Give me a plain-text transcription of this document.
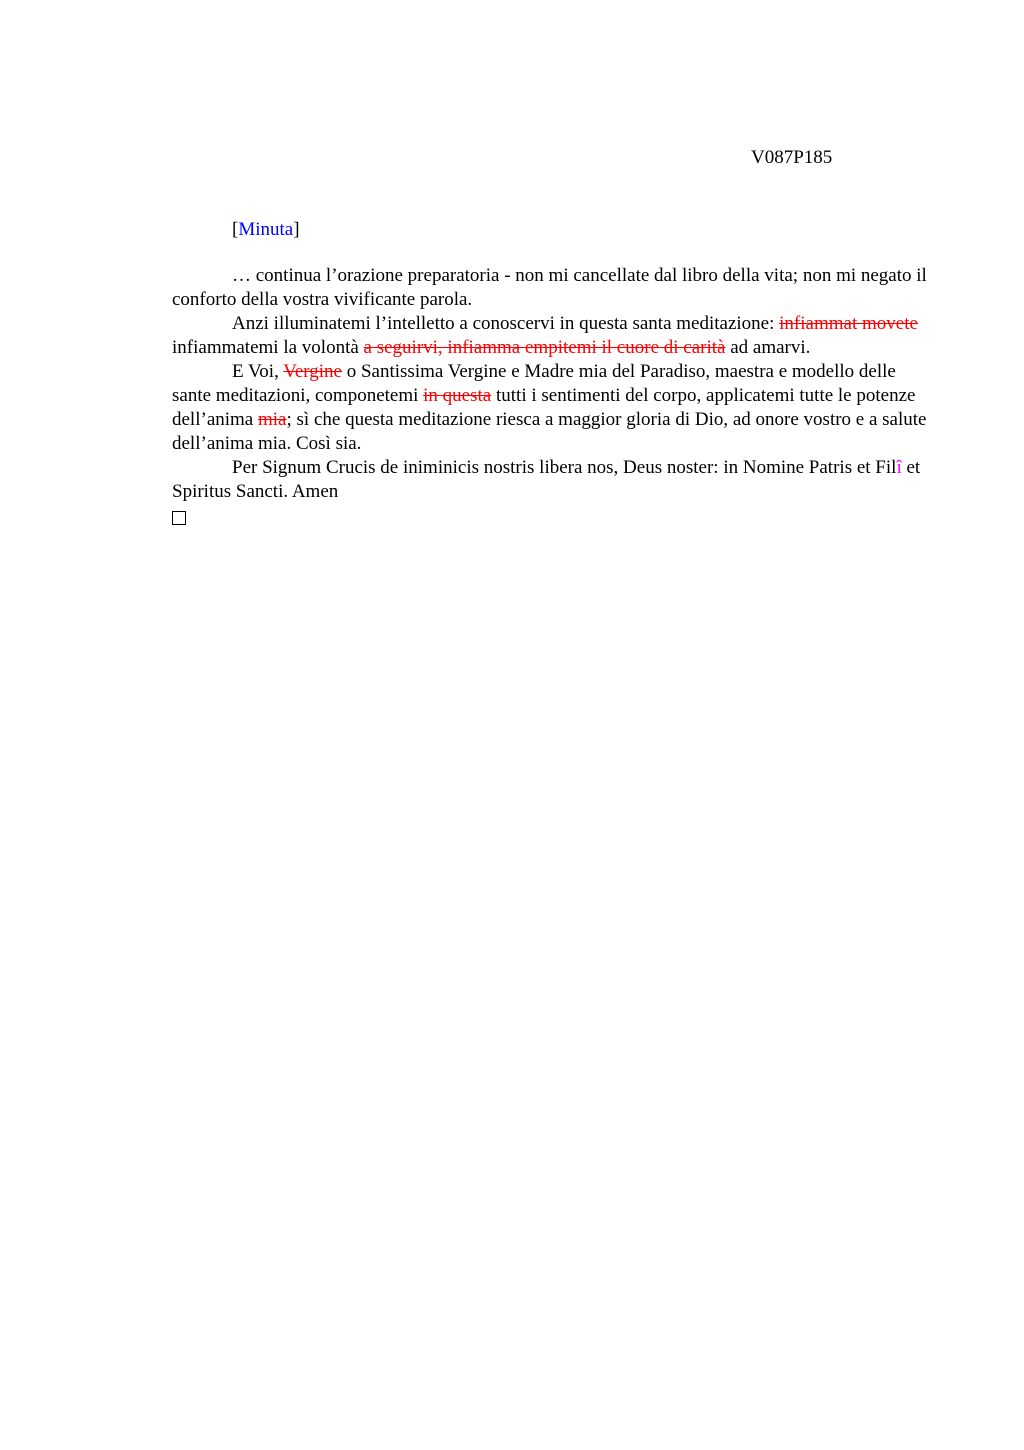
V087P185
[Minuta]

… continua l’orazione preparatoria - non mi cancellate dal libro della vita; non mi negato il conforto della vostra vivificante parola.

Anzi illuminatemi l’intelletto a conoscervi in questa santa meditazione: infiammat movete infiammatemi la volontà a seguirvi, infiamma empitemi il cuore di carità ad amarvi.

E Voi, Vergine o Santissima Vergine e Madre mia del Paradiso, maestra e modello delle sante meditazioni, componetemi in questa tutti i sentimenti del corpo, applicatemi tutte le potenze dell’anima mia; sì che questa meditazione riesca a maggior gloria di Dio, ad onore vostro e a salute dell’anima mia. Così sia.

Per Signum Crucis de iniminicis nostris libera nos, Deus noster: in Nomine Patris et Filî et Spiritus Sancti. Amen
